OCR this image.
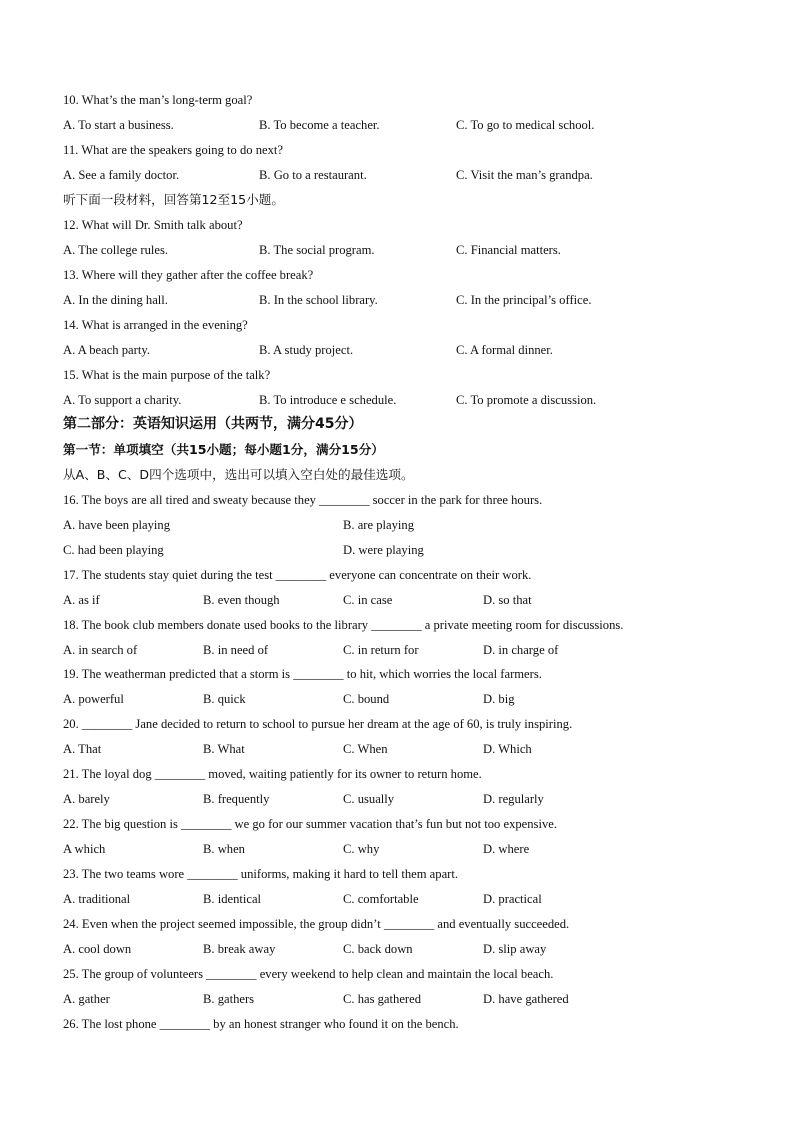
10. What’s the man’s long-term goal?
A. To start a business.	B. To become a teacher.	C. To go to medical school.
11. What are the speakers going to do next?
A. See a family doctor.	B. Go to a restaurant.	C. Visit the man’s grandpa.
听下面一段材料，回答第12至15小题。
12. What will Dr. Smith talk about?
A. The college rules.	B. The social program.	C. Financial matters.
13. Where will they gather after the coffee break?
A. In the dining hall.	B. In the school library.	C. In the principal’s office.
14. What is arranged in the evening?
A. A beach party.	B. A study project.	C. A formal dinner.
15. What is the main purpose of the talk?
A. To support a charity.	B. To introduce e schedule.	C. To promote a discussion.
第二部分：英语知识运用（共两节，满分45分）
第一节：单项填空（共15小题；每小题1分，满分15分）
从A、B、C、D四个选项中，选出可以填入空白处的最佳选项。
16. The boys are all tired and sweaty because they ________ soccer in the park for three hours.
A. have been playing	B. are playing
C. had been playing	D. were playing
17. The students stay quiet during the test ________ everyone can concentrate on their work.
A. as if	B. even though	C. in case	D. so that
18. The book club members donate used books to the library ________ a private meeting room for discussions.
A. in search of	B. in need of	C. in return for	D. in charge of
19. The weatherman predicted that a storm is ________ to hit, which worries the local farmers.
A. powerful	B. quick	C. bound	D. big
20. ________ Jane decided to return to school to pursue her dream at the age of 60, is truly inspiring.
A. That	B. What	C. When	D. Which
21. The loyal dog ________ moved, waiting patiently for its owner to return home.
A. barely	B. frequently	C. usually	D. regularly
22. The big question is ________ we go for our summer vacation that’s fun but not too expensive.
A which	B. when	C. why	D. where
23. The two teams wore ________ uniforms, making it hard to tell them apart.
A. traditional	B. identical	C. comfortable	D. practical
24. Even when the project seemed impossible, the group didn’t ________ and eventually succeeded.
A. cool down	B. break away	C. back down	D. slip away
25. The group of volunteers ________ every weekend to help clean and maintain the local beach.
A. gather	B. gathers	C. has gathered	D. have gathered
26. The lost phone ________ by an honest stranger who found it on the bench.
